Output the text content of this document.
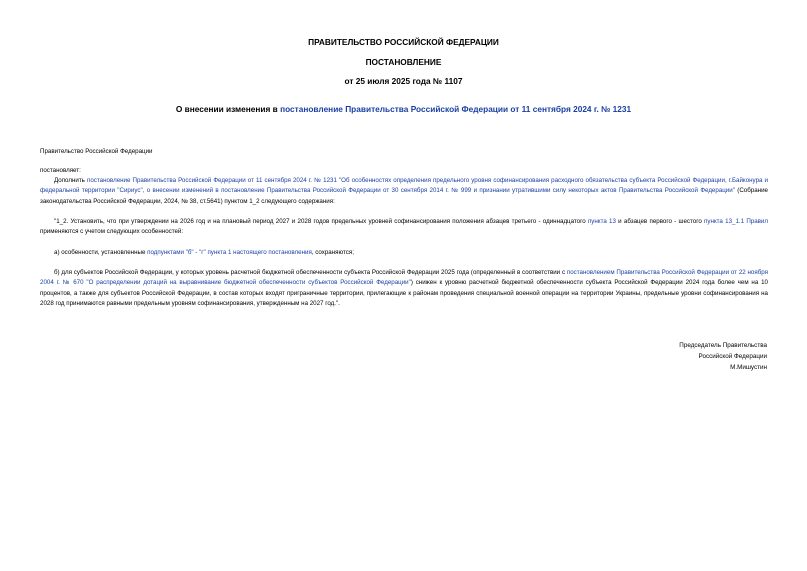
ПРАВИТЕЛЬСТВО РОССИЙСКОЙ ФЕДЕРАЦИИ
ПОСТАНОВЛЕНИЕ
от 25 июля 2025 года № 1107
О внесении изменения в постановление Правительства Российской Федерации от 11 сентября 2024 г. № 1231
Правительство Российской Федерации
постановляет:
Дополнить постановление Правительства Российской Федерации от 11 сентября 2024 г. № 1231 "Об особенностях определения предельного уровня софинансирования расходного обязательства субъекта Российской Федерации, г.Байконура и федеральной территории "Сириус", о внесении изменений в постановление Правительства Российской Федерации от 30 сентября 2014 г. № 999 и признании утратившими силу некоторых актов Правительства Российской Федерации" (Собрание законодательства Российской Федерации, 2024, № 38, ст.5641) пунктом 1_2 следующего содержания:
"1_2. Установить, что при утверждении на 2026 год и на плановый период 2027 и 2028 годов предельных уровней софинансирования положения абзацев третьего - одиннадцатого пункта 13 и абзацев первого - шестого пункта 13_1.1 Правил применяются с учетом следующих особенностей:
а) особенности, установленные подпунктами "б" - "г" пункта 1 настоящего постановления, сохраняются;
б) для субъектов Российской Федерации, у которых уровень расчетной бюджетной обеспеченности субъекта Российской Федерации 2025 года (определенный в соответствии с постановлением Правительства Российской Федерации от 22 ноября 2004 г. № 670 "О распределении дотаций на выравнивание бюджетной обеспеченности субъектов Российской Федерации") снижен к уровню расчетной бюджетной обеспеченности субъекта Российской Федерации 2024 года более чем на 10 процентов, а также для субъектов Российской Федерации, в состав которых входят приграничные территории, прилегающие к районам проведения специальной военной операции на территории Украины, предельные уровни софинансирования на 2028 год принимаются равными предельным уровням софинансирования, утвержденным на 2027 год.".
Председатель Правительства
Российской Федерации
М.Мишустин
